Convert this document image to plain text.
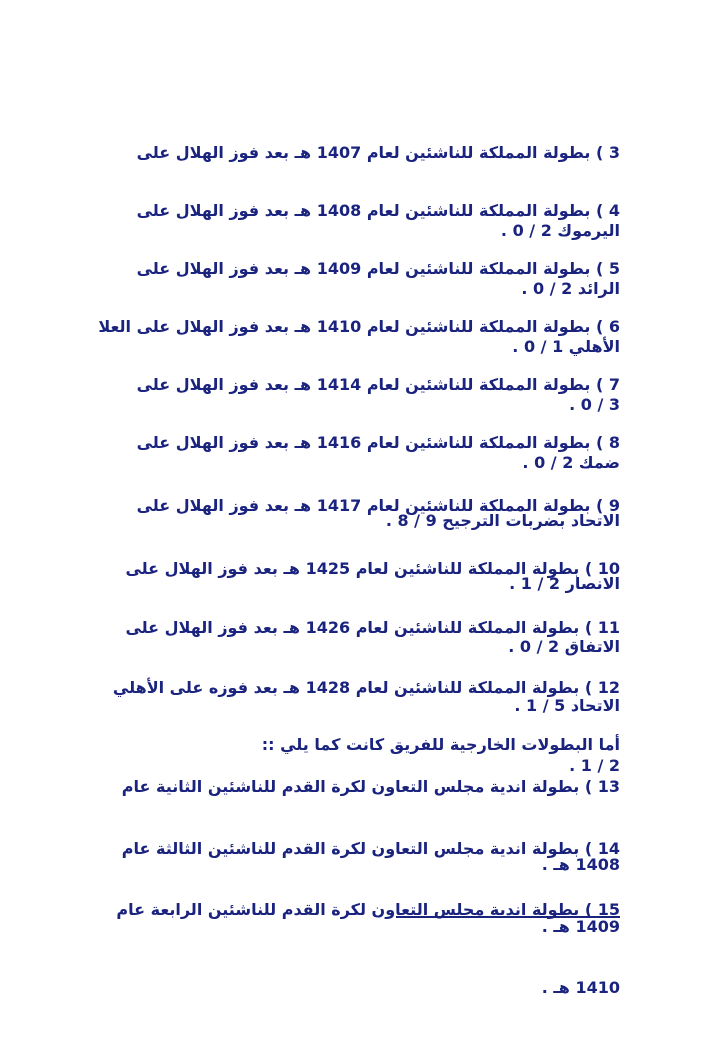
3 ) بطولة المملكة للناشئين لعام 1407 هـ بعد فوز الهلال على

اليرموك 2 / 0 .

4 ) بطولة المملكة للناشئين لعام 1408 هـ بعد فوز الهلال على

الرائد 2 / 0 .

5 ) بطولة المملكة للناشئين لعام 1409 هـ بعد فوز الهلال على

الأهلي 1 / 0 .

6 ) بطولة المملكة للناشئين لعام 1410 هـ بعد فوز الهلال على العلا

3 / 0 .

7 ) بطولة المملكة للناشئين لعام 1414 هـ بعد فوز الهلال على

ضمك 2 / 0 .

8 ) بطولة المملكة للناشئين لعام 1416 هـ بعد فوز الهلال على

الاتحاد بضربات الترجيح 9 / 8 .

9 ) بطولة المملكة للناشئين لعام 1417 هـ بعد فوز الهلال على

الانصار 2 / 1 .

10 ) بطولة المملكة للناشئين لعام 1425 هـ بعد فوز الهلال على

الاتفاق 2 / 0 .

11 ) بطولة المملكة للناشئين لعام 1426 هـ بعد فوز الهلال على

الاتحاد 5 / 1 .

12 ) بطولة المملكة للناشئين لعام 1428 هـ بعد فوزه على الأهلي

2 / 1 .

أما البطولات الخارجية للفريق كانت كما يلي ::

13 ) بطولة اندية مجلس التعاون لكرة القدم للناشئين الثانية عام

1408 هـ .

14 ) بطولة اندية مجلس التعاون لكرة القدم للناشئين الثالثة عام

1409 هـ .

15 ) بطولة اندية مجلس التعاون لكرة القدم للناشئين الرابعة عام

1410 هـ .
